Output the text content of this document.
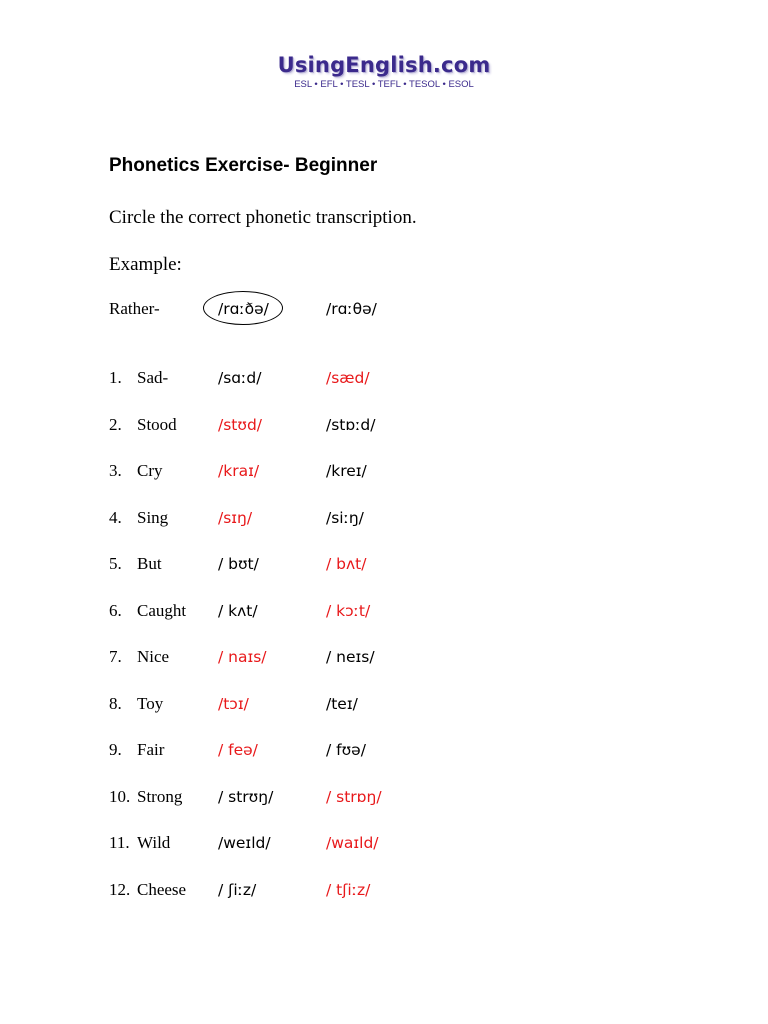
UsingEnglish.com
ESL • EFL • TESL • TEFL • TESOL • ESOL
Phonetics Exercise- Beginner

Circle the correct phonetic transcription.

Example:

Rather-	/rɑːðə/	/rɑːθə/
1. Sad-	/sɑːd/	/sæd/
2. Stood	/stʊd/	/stɒːd/
3. Cry	/kraɪ/	/kreɪ/
4. Sing	/sɪŋ/	/siːŋ/
5. But	/ bʊt/	/ bʌt/
6. Caught / kʌt/	/ kɔːt/
7. Nice	/ naɪs/	/ neɪs/
8. Toy	/tɔɪ/	/teɪ/
9. Fair	/ feə/	/ fʊə/
10. Strong / strʊŋ/	/ strɒŋ/
11. Wild	/weɪld/	/waɪld/
12. Cheese / ʃiːz/	/ tʃiːz/
